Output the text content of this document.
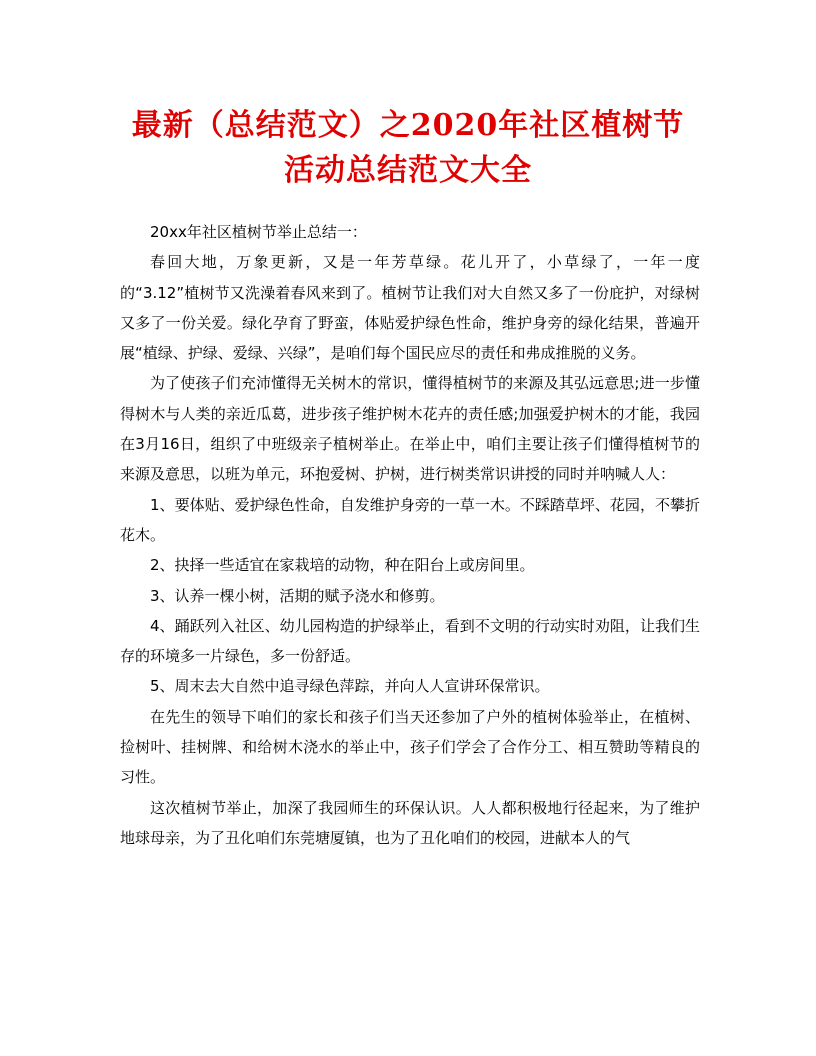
最新（总结范文）之2020年社区植树节
活动总结范文大全

20xx年社区植树节举止总结一：

春回大地，万象更新，又是一年芳草绿。花儿开了，小草绿了，一年一度的“3.12”植树节又洗澡着春风来到了。植树节让我们对大自然又多了一份庇护，对绿树又多了一份关爱。绿化孕育了野蛮，体贴爱护绿色性命，维护身旁的绿化结果，普遍开展“植绿、护绿、爱绿、兴绿”，是咱们每个国民应尽的责任和弗成推脱的义务。

为了使孩子们充沛懂得无关树木的常识，懂得植树节的来源及其弘远意思;进一步懂得树木与人类的亲近瓜葛，进步孩子维护树木花卉的责任感;加强爱护树木的才能，我园在3月16日，组织了中班级亲子植树举止。在举止中，咱们主要让孩子们懂得植树节的来源及意思，以班为单元，环抱爱树、护树，进行树类常识讲授的同时并呐喊人人：

1、要体贴、爱护绿色性命，自发维护身旁的一草一木。不踩踏草坪、花园，不攀折花木。

2、抉择一些适宜在家栽培的动物，种在阳台上或房间里。

3、认养一棵小树，活期的赋予浇水和修剪。

4、踊跃列入社区、幼儿园构造的护绿举止，看到不文明的行动实时劝阻，让我们生存的环境多一片绿色，多一份舒适。

5、周末去大自然中追寻绿色萍踪，并向人人宣讲环保常识。

在先生的领导下咱们的家长和孩子们当天还参加了户外的植树体验举止，在植树、捡树叶、挂树牌、和给树木浇水的举止中，孩子们学会了合作分工、相互赞助等精良的习性。

这次植树节举止，加深了我园师生的环保认识。人人都积极地行径起来，为了维护地球母亲，为了丑化咱们东莞塘厦镇，也为了丑化咱们的校园，进献本人的气
